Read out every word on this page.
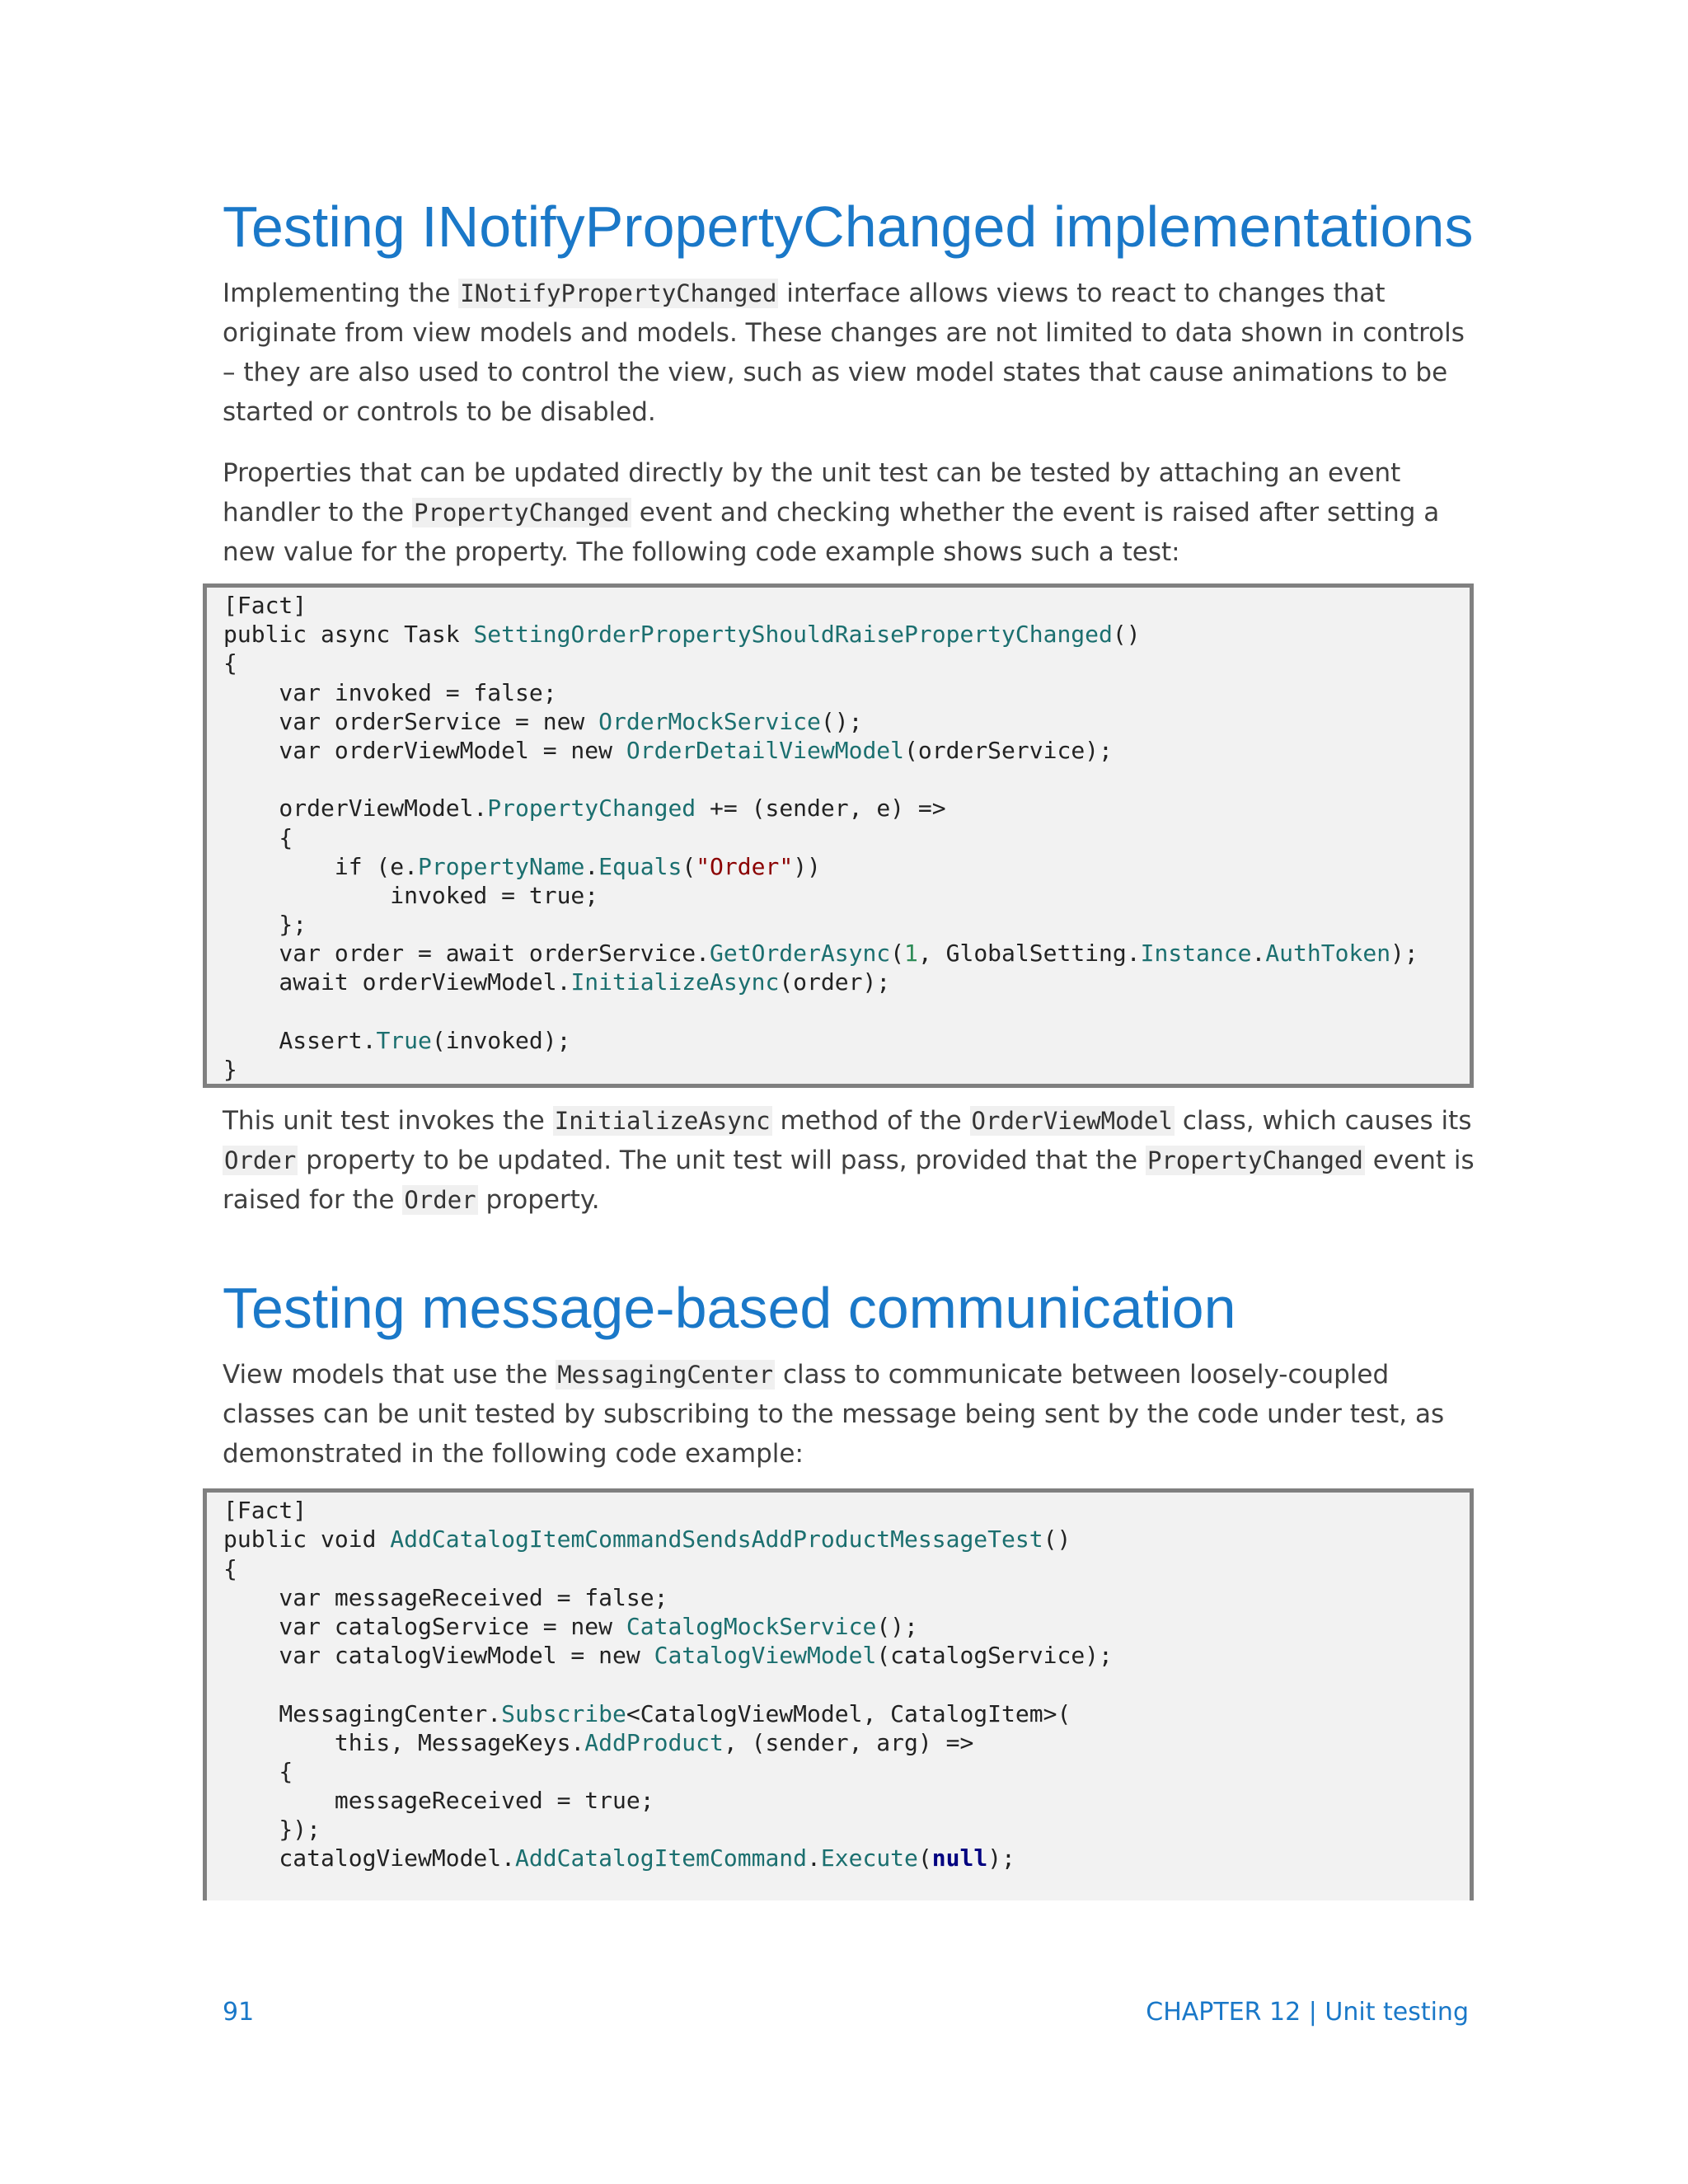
Testing INotifyPropertyChanged implementations

Implementing the INotifyPropertyChanged interface allows views to react to changes that originate from view models and models. These changes are not limited to data shown in controls – they are also used to control the view, such as view model states that cause animations to be started or controls to be disabled.

Properties that can be updated directly by the unit test can be tested by attaching an event handler to the PropertyChanged event and checking whether the event is raised after setting a new value for the property. The following code example shows such a test:

[Fact]
public async Task SettingOrderPropertyShouldRaisePropertyChanged()
{
var invoked = false;
var orderService = new OrderMockService();
var orderViewModel = new OrderDetailViewModel(orderService);
orderViewModel.PropertyChanged += (sender, e) =>
{
if (e.PropertyName.Equals("Order"))
invoked = true;
};
var order = await orderService.GetOrderAsync(1, GlobalSetting.Instance.AuthToken);
await orderViewModel.InitializeAsync(order);
Assert.True(invoked);
}

This unit test invokes the InitializeAsync method of the OrderViewModel class, which causes its Order property to be updated. The unit test will pass, provided that the PropertyChanged event is raised for the Order property.

Testing message-based communication

View models that use the MessagingCenter class to communicate between loosely-coupled classes can be unit tested by subscribing to the message being sent by the code under test, as demonstrated in the following code example:

[Fact]
public void AddCatalogItemCommandSendsAddProductMessageTest()
{
var messageReceived = false;
var catalogService = new CatalogMockService();
var catalogViewModel = new CatalogViewModel(catalogService);
MessagingCenter.Subscribe<CatalogViewModel, CatalogItem>(
this, MessageKeys.AddProduct, (sender, arg) =>
{
messageReceived = true;
});
catalogViewModel.AddCatalogItemCommand.Execute(null);
91	CHAPTER 12 | Unit testing
